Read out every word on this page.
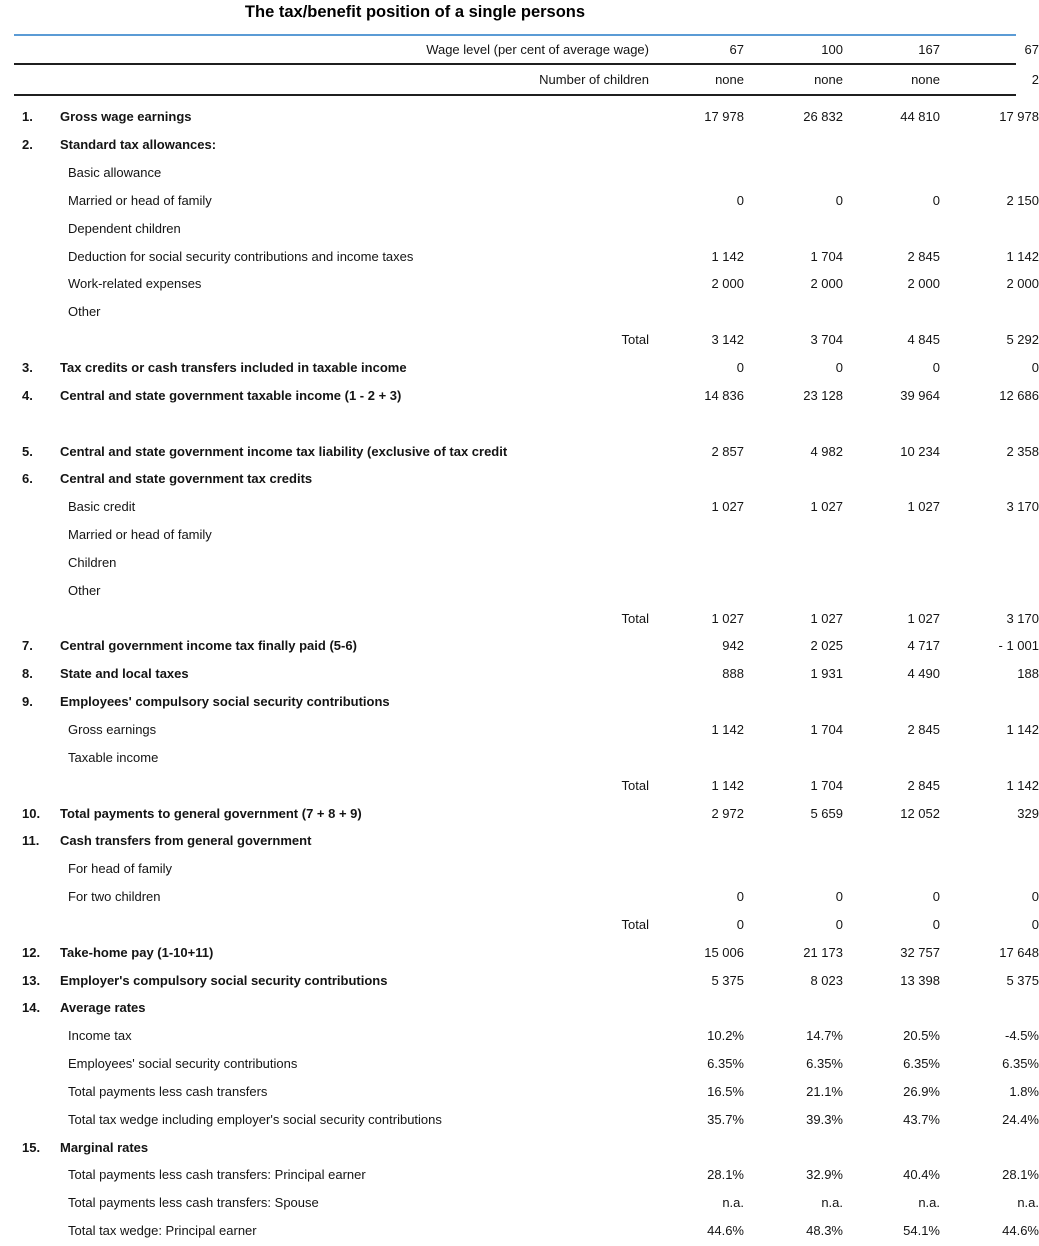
The tax/benefit position of a single persons
Wage level (per cent of average wage)	67	100	167	67
Number of children	none	none	none	2
1.	Gross wage earnings	17 978	26 832	44 810	17 978
2.	Standard tax allowances:
Basic allowance
Married or head of family	0	0	0	2 150
Dependent children
Deduction for social security contributions and income taxes	1 142	1 704	2 845	1 142
Work-related expenses	2 000	2 000	2 000	2 000
Other
Total	3 142	3 704	4 845	5 292
3.	Tax credits or cash transfers included in taxable income	0	0	0	0
4.	Central and state government taxable income (1 - 2 + 3)	14 836	23 128	39 964	12 686
5.	Central and state government income tax liability (exclusive of tax credit	2 857	4 982	10 234	2 358
6.	Central and state government tax credits
Basic credit	1 027	1 027	1 027	3 170
Married or head of family
Children
Other
Total	1 027	1 027	1 027	3 170
7.	Central government income tax finally paid (5-6)	942	2 025	4 717	- 1 001
8.	State and local taxes	888	1 931	4 490	188
9.	Employees' compulsory social security contributions
Gross earnings	1 142	1 704	2 845	1 142
Taxable income
Total	1 142	1 704	2 845	1 142
10.	Total payments to general government (7 + 8 + 9)	2 972	5 659	12 052	329
11.	Cash transfers from general government
For head of family
For two children	0	0	0	0
Total	0	0	0	0
12.	Take-home pay (1-10+11)	15 006	21 173	32 757	17 648
13.	Employer's compulsory social security contributions	5 375	8 023	13 398	5 375
14.	Average rates
Income tax	10.2%	14.7%	20.5%	-4.5%
Employees' social security contributions	6.35%	6.35%	6.35%	6.35%
Total payments less cash transfers	16.5%	21.1%	26.9%	1.8%
Total tax wedge including employer's social security contributions	35.7%	39.3%	43.7%	24.4%
15.	Marginal rates
Total payments less cash transfers: Principal earner	28.1%	32.9%	40.4%	28.1%
Total payments less cash transfers: Spouse	n.a.	n.a.	n.a.	n.a.
Total tax wedge: Principal earner	44.6%	48.3%	54.1%	44.6%
